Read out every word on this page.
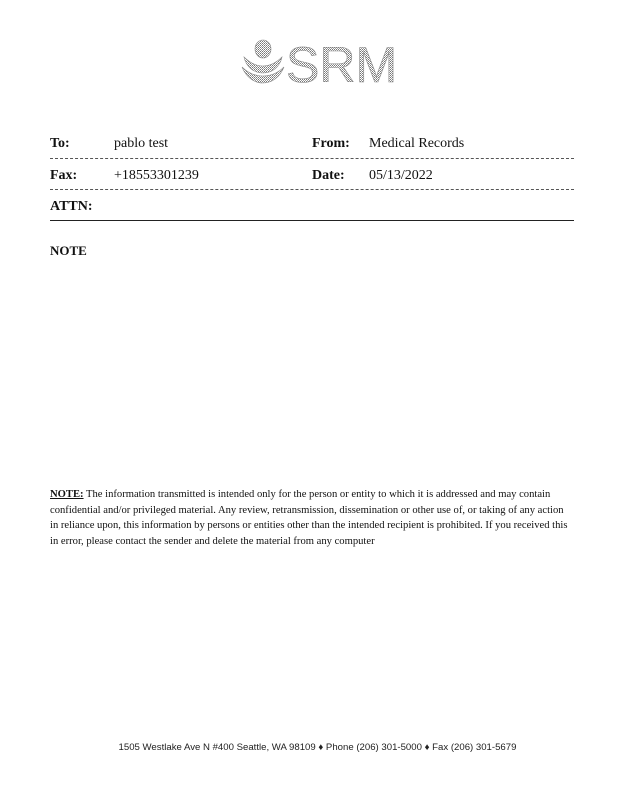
SRM
To:	pablo test	From: Medical Records
Fax:	+18553301239	Date: 05/13/2022
ATTN:
NOTE
NOTE: The information transmitted is intended only for the person or entity to which it is addressed and may contain confidential and/or privileged material. Any review, retransmission, dissemination or other use of, or taking of any action in reliance upon, this information by persons or entities other than the intended recipient is prohibited. If you received this in error, please contact the sender and delete the material from any computer
1505 Westlake Ave N #400 Seattle, WA 98109 ♦ Phone (206) 301-5000 ♦ Fax (206) 301-5679
